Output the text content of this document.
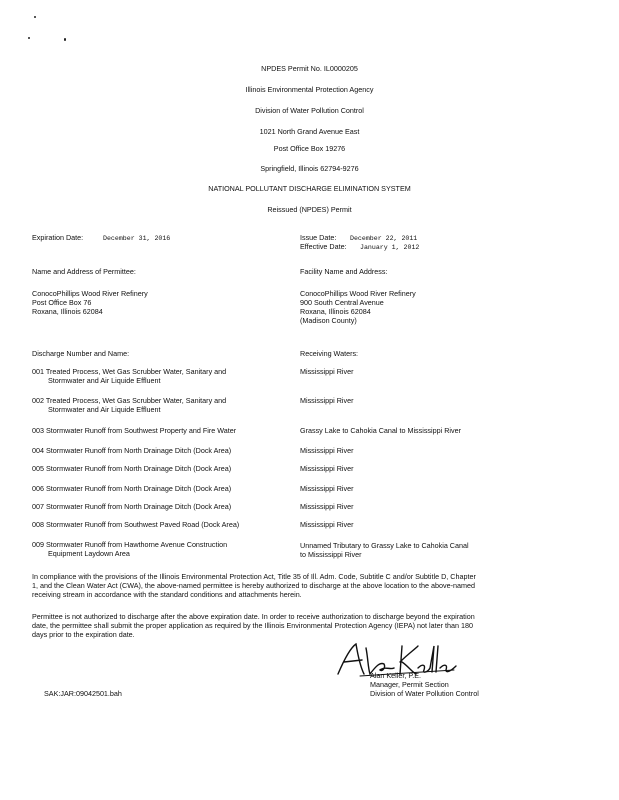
NPDES Permit No. IL0000205
Illinois Environmental Protection Agency
Division of Water Pollution Control
1021 North Grand Avenue East
Post Office Box 19276
Springfield, Illinois 62794-9276
NATIONAL POLLUTANT DISCHARGE ELIMINATION SYSTEM
Reissued (NPDES) Permit
Expiration Date:	December 31, 2016	Issue Date: December 22, 2011
Effective Date: January 1, 2012
Name and Address of Permittee:
ConocoPhillips Wood River Refinery
Post Office Box 76
Roxana, Illinois 62084
Facility Name and Address:
ConocoPhillips Wood River Refinery
900 South Central Avenue
Roxana, Illinois 62084
(Madison County)
Discharge Number and Name:	Receiving Waters:
001 Treated Process, Wet Gas Scrubber Water, Sanitary and
Stormwater and Air Liquide Effluent
Mississippi River
002 Treated Process, Wet Gas Scrubber Water, Sanitary and
Stormwater and Air Liquide Effluent
Mississippi River
003 Stormwater Runoff from Southwest Property and Fire Water	Grassy Lake to Cahokia Canal to Mississippi River
004 Stormwater Runoff from North Drainage Ditch (Dock Area)	Mississippi River
005 Stormwater Runoff from North Drainage Ditch (Dock Area)	Mississippi River
006 Stormwater Runoff from North Drainage Ditch (Dock Area)	Mississippi River
007 Stormwater Runoff from North Drainage Ditch (Dock Area)	Mississippi River
008 Stormwater Runoff from Southwest Paved Road (Dock Area)	Mississippi River
009 Stormwater Runoff from Hawthorne Avenue Construction
Equipment Laydown Area
Unnamed Tributary to Grassy Lake to Cahokia Canal
to Mississippi River
In compliance with the provisions of the Illinois Environmental Protection Act, Title 35 of Ill. Adm. Code, Subtitle C and/or Subtitle D, Chapter
1, and the Clean Water Act (CWA), the above-named permittee is hereby authorized to discharge at the above location to the above-named
receiving stream in accordance with the standard conditions and attachments herein.
Permittee is not authorized to discharge after the above expiration date. In order to receive authorization to discharge beyond the expiration
date, the permittee shall submit the proper application as required by the Illinois Environmental Protection Agency (IEPA) not later than 180
days prior to the expiration date.
Alan Keller, P.E.
Manager, Permit Section
Division of Water Pollution Control
SAK:JAR:09042501.bah
